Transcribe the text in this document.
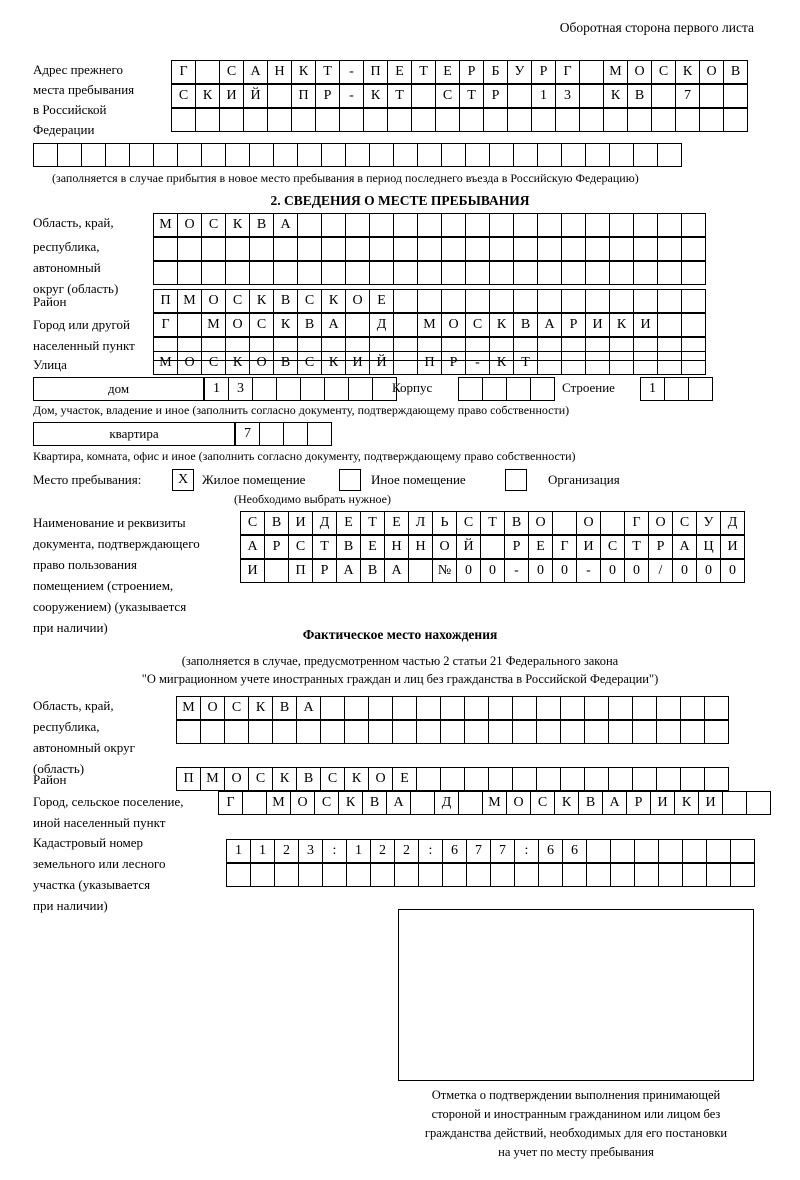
Оборотная сторона первого листа
Адрес прежнего
места пребывания
в Российской
Федерации
Г	С	А Н	К	Т	-	П	Е	Т	Е	Р	Б	У	Р	Г	М О	С	К	О	В
С	К	И Й	П	Р	-	К	Т	С	Т	Р	1	3	К	В	7
(заполняется в случае прибытия в новое место пребывания в период последнего въезда в Российскую Федерацию)
2. СВЕДЕНИЯ О МЕСТЕ ПРЕБЫВАНИЯ
Область, край,
республика,
автономный
округ (область)
М О	С	К	В	А
Район	П М О	С	К	В	С	К	О	Е
Город или другой
населенный пункт
Г	М О	С	К	В	А	Д	М О	С	К	В	А	Р	И	К	И
Улица	М О	С	К	О	В	С	К	И Й	П	Р	-	К	Т
дом	1	3	Корпус	Строение	1
Дом, участок, владение и иное (заполнить согласно документу, подтверждающему право собственности)
квартира	7
Квартира, комната, офис и иное (заполнить согласно документу, подтверждающему право собственности)
Место пребывания:	X	Жилое помещение	Иное помещение	Организация
(Необходимо выбрать нужное)
Наименование и реквизиты
документа, подтверждающего
право пользования
помещением (строением,
сооружением) (указывается
при наличии)
С	В	И	Д	Е	Т	Е	Л	Ь	С	Т	В	О	О	Г	О	С	У	Д
А	Р	С	Т	В	Е	Н Н О Й	Р	Е	Г	И	С	Т	Р	А Ц И
И	П	Р	А	В	А	№ 0	0	-	0	0	-	0	0	/	0	0	0
Фактическое место нахождения
(заполняется в случае, предусмотренном частью 2 статьи 21 Федерального закона
"О миграционном учете иностранных граждан и лиц без гражданства в Российской Федерации")
Область, край,
республика,
автономный округ
(область)
М О	С	К	В	А
Район	П М О	С	К	В	С	К	О	Е
Город, сельское поселение,
иной населенный пункт
Г	М О	С	К	В	А	Д	М О	С	К	В	А	Р	И	К	И
Кадастровый номер
земельного или лесного
участка (указывается
при наличии)
1	1	2	3	:	1	2	2	:	6	7	7	:	6	6
Отметка о подтверждении выполнения принимающей
стороной и иностранным гражданином или лицом без
гражданства действий, необходимых для его постановки
на учет по месту пребывания
